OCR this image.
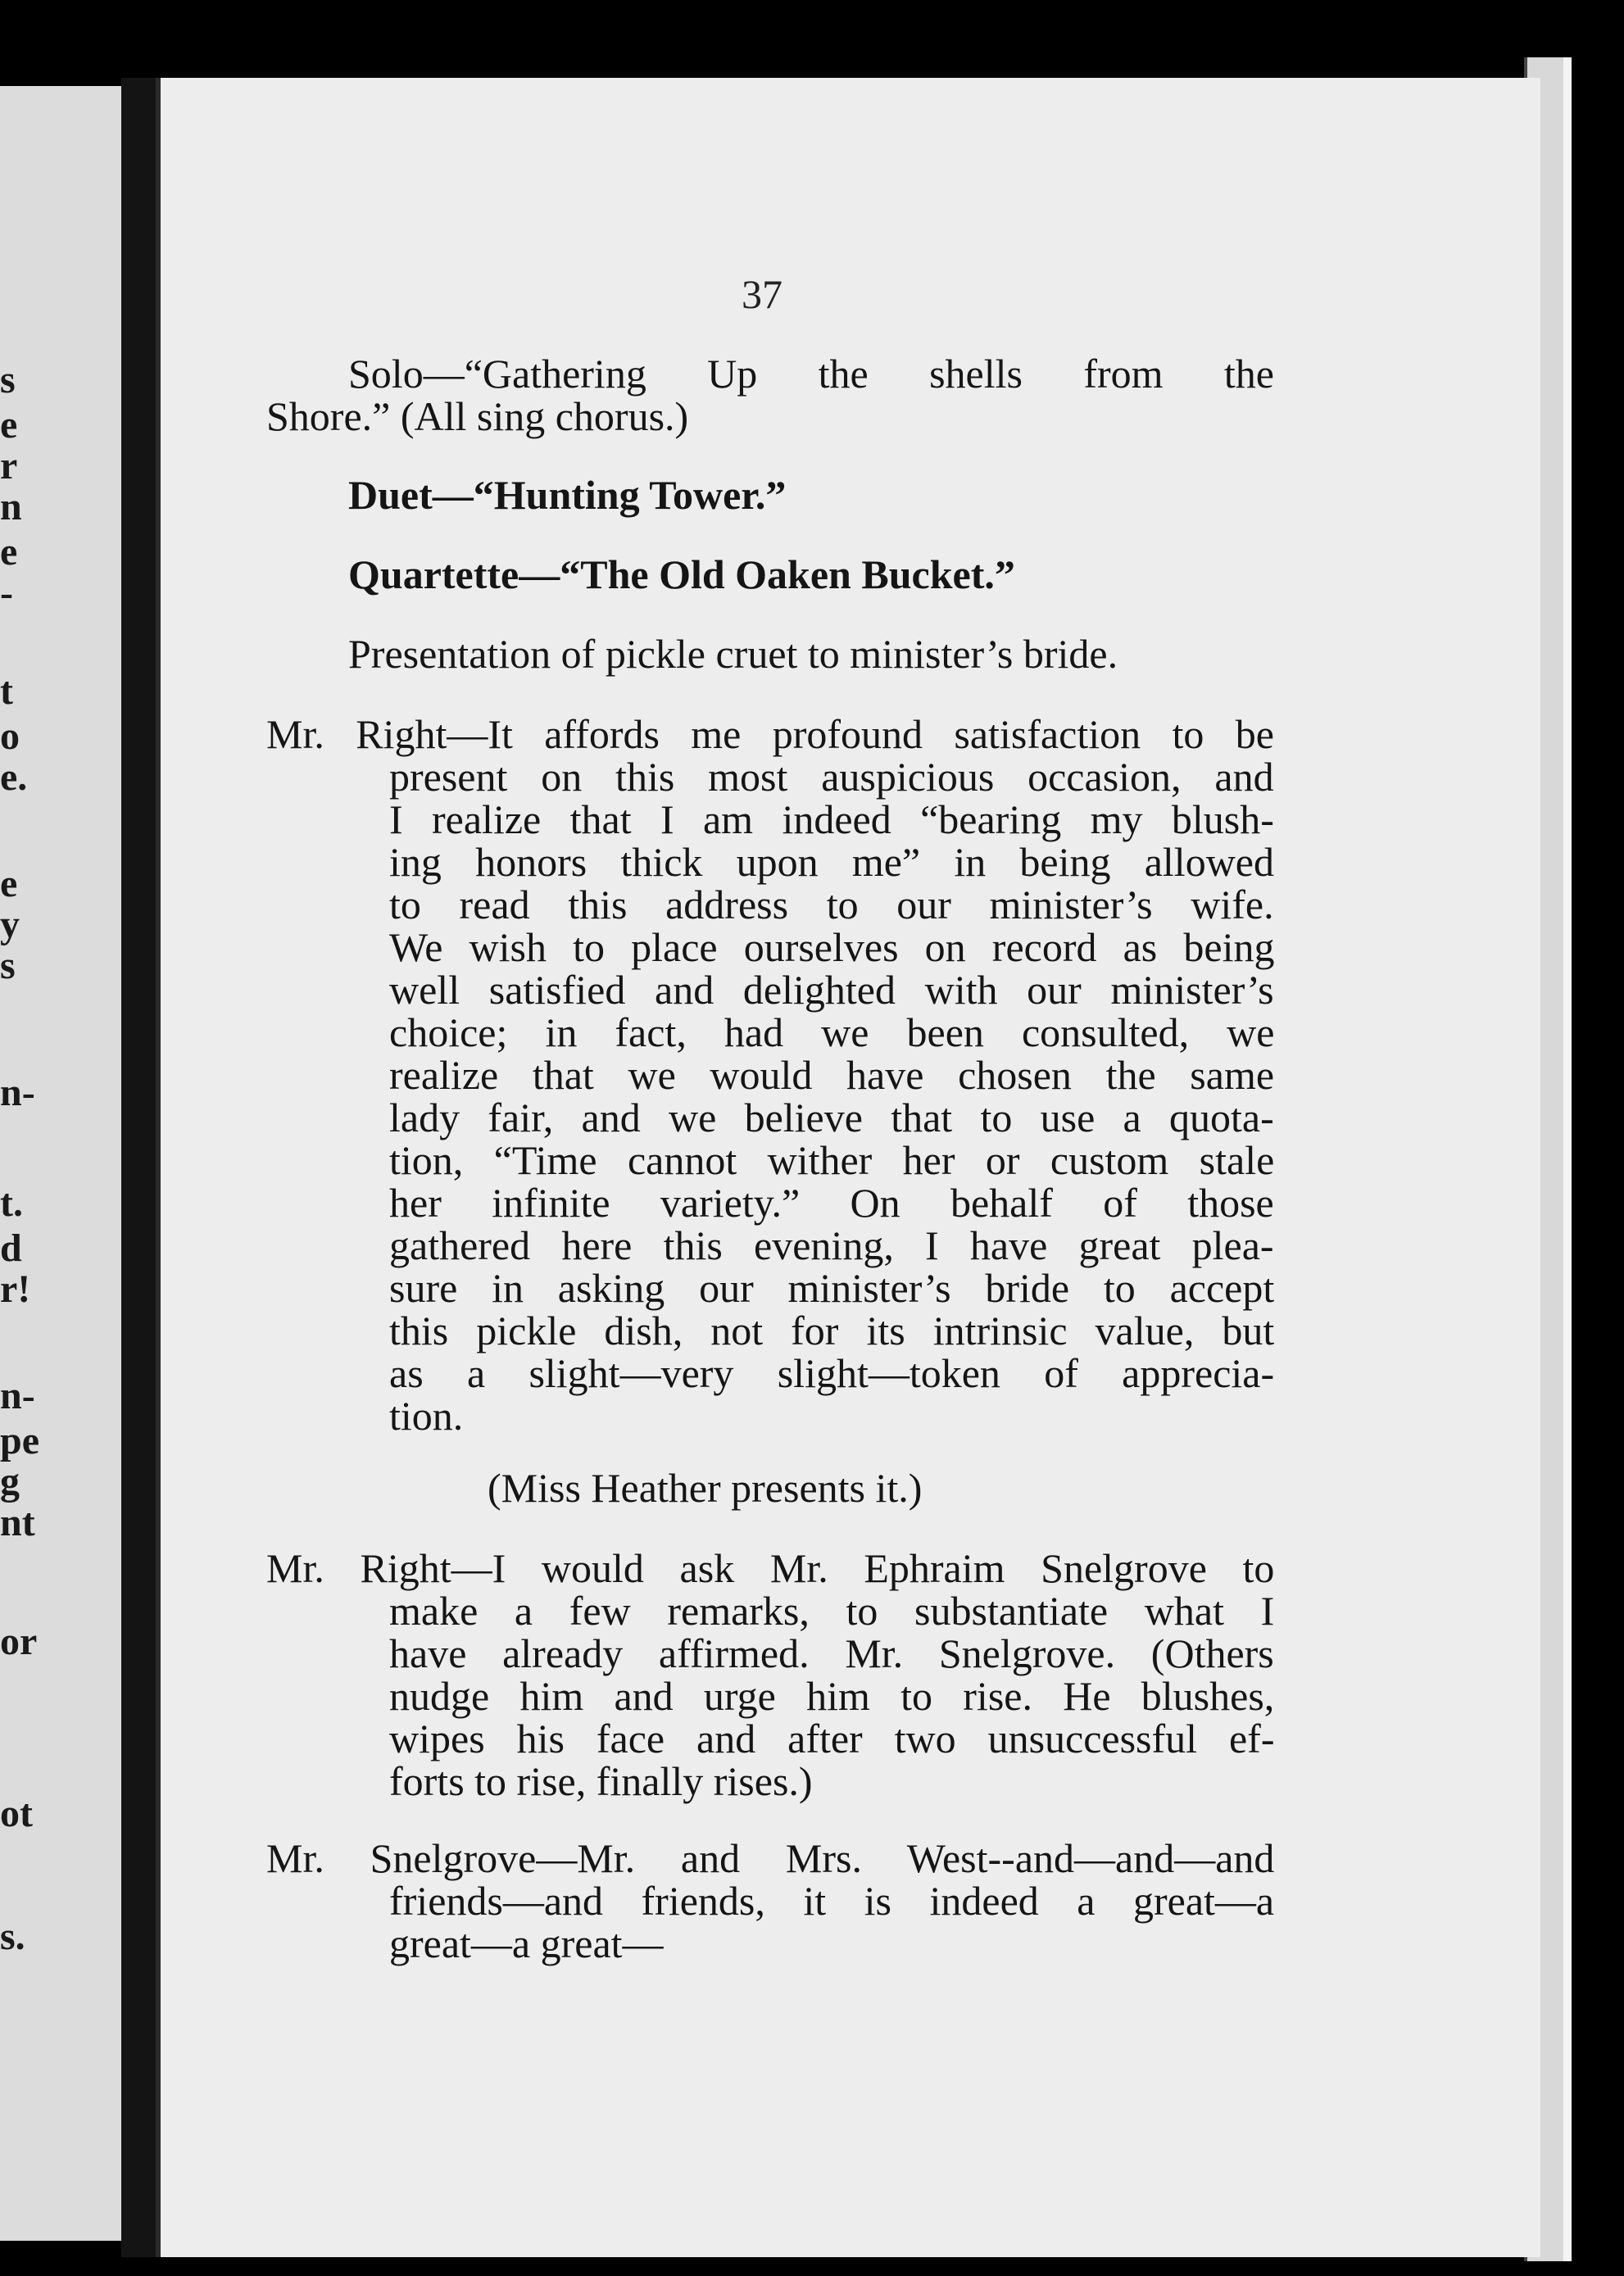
s
e
r
n
e
-
t
o
e.
e
y
s
n-
t.
d
r!
n-
pe
g
nt
or
ot
s.
37
Solo—“Gathering Up the shells from the
Shore.” (All sing chorus.)
Duet—“Hunting Tower.”
Quartette—“The Old Oaken Bucket.”
Presentation of pickle cruet to minister’s bride.
Mr. Right—It affords me profound satisfaction to be
present on this most auspicious occasion, and
I realize that I am indeed “bearing my blush-
ing honors thick upon me” in being allowed
to read this address to our minister’s wife.
We wish to place ourselves on record as being
well satisfied and delighted with our minister’s
choice; in fact, had we been consulted, we
realize that we would have chosen the same
lady fair, and we believe that to use a quota-
tion, “Time cannot wither her or custom stale
her infinite variety.” On behalf of those
gathered here this evening, I have great plea-
sure in asking our minister’s bride to accept
this pickle dish, not for its intrinsic value, but
as a slight—very slight—token of apprecia-
tion.
(Miss Heather presents it.)
Mr. Right—I would ask Mr. Ephraim Snelgrove to
make a few remarks, to substantiate what I
have already affirmed. Mr. Snelgrove. (Others
nudge him and urge him to rise. He blushes,
wipes his face and after two unsuccessful ef-
forts to rise, finally rises.)
Mr. Snelgrove—Mr. and Mrs. West--and—and—and
friends—and friends, it is indeed a great—a
great—a great—
